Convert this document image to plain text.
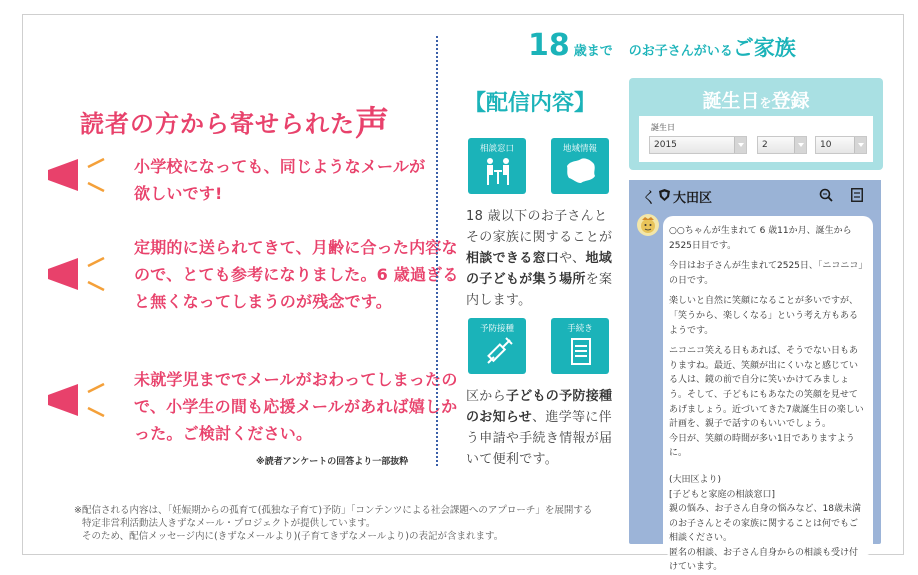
読者の方から寄せられた声
小学校になっても、同じようなメールが欲しいです!
定期的に送られてきて、月齢に合った内容なので、とても参考になりました。6 歳過ぎると無くなってしまうのが残念です。
未就学児まででメールがおわってしまったので、小学生の間も応援メールがあれば嬉しかった。ご検討ください。
※読者アンケートの回答より一部抜粋
※配信される内容は、「妊娠期からの孤育て(孤独な子育て)予防」「コンテンツによる社会課題へのアプローチ」を展開する
特定非営利活動法人きずなメール・プロジェクトが提供しています。
そのため、配信メッセージ内に(きずなメールより)(子育てきずなメールより)の表記が含まれます。
18 歳まで のお子さんがいるご家族
【配信内容】
相談窓口	地域情報
予防接種	手続き
18 歳以下のお子さんとその家族に関することが相談できる窓口や、地域の子どもが集う場所を案内します。
区から子どもの予防接種のお知らせ、進学等に伴う申請や手続き情報が届いて便利です。
誕生日を登録
誕生日
2015	2	10
く 大田区

○○ちゃんが生まれて 6 歳11か月、誕生から2525日目です。

今日はお子さんが生まれて2525日、「ニコニコ」の日です。

楽しいと自然に笑顔になることが多いですが、「笑うから、楽しくなる」という考え方もあるようです。

ニコニコ笑える日もあれば、そうでない日もありますね。最近、笑顔が出にくいなと感じている人は、鏡の前で自分に笑いかけてみましょう。そして、子どもにもあなたの笑顔を見せてあげましょう。近づいてきた7歳誕生日の楽しい計画を、親子で話すのもいいでしょう。

今日が、笑顔の時間が多い1日でありますように。

(大田区より)

[子どもと家庭の相談窓口]

親の悩み、お子さん自身の悩みなど、18歳未満のお子さんとその家族に関することは何でもご相談ください。

匿名の相談、お子さん自身からの相談も受け付けています。
